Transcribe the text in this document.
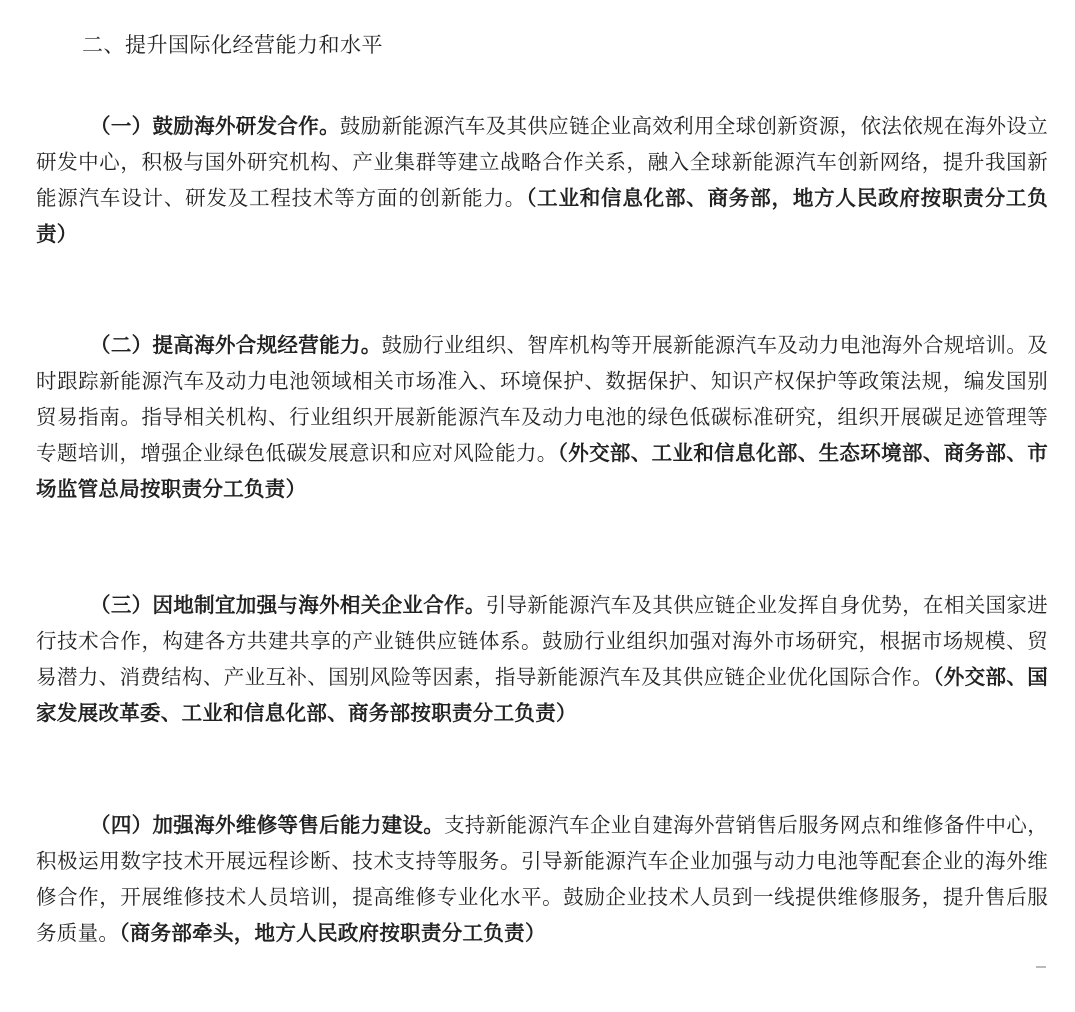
二、提升国际化经营能力和水平

（一）鼓励海外研发合作。鼓励新能源汽车及其供应链企业高效利用全球创新资源，依法依规在海外设立研发中心，积极与国外研究机构、产业集群等建立战略合作关系，融入全球新能源汽车创新网络，提升我国新能源汽车设计、研发及工程技术等方面的创新能力。（工业和信息化部、商务部，地方人民政府按职责分工负责）

（二）提高海外合规经营能力。鼓励行业组织、智库机构等开展新能源汽车及动力电池海外合规培训。及时跟踪新能源汽车及动力电池领域相关市场准入、环境保护、数据保护、知识产权保护等政策法规，编发国别贸易指南。指导相关机构、行业组织开展新能源汽车及动力电池的绿色低碳标准研究，组织开展碳足迹管理等专题培训，增强企业绿色低碳发展意识和应对风险能力。（外交部、工业和信息化部、生态环境部、商务部、市场监管总局按职责分工负责）

（三）因地制宜加强与海外相关企业合作。引导新能源汽车及其供应链企业发挥自身优势，在相关国家进行技术合作，构建各方共建共享的产业链供应链体系。鼓励行业组织加强对海外市场研究，根据市场规模、贸易潜力、消费结构、产业互补、国别风险等因素，指导新能源汽车及其供应链企业优化国际合作。（外交部、国家发展改革委、工业和信息化部、商务部按职责分工负责）

（四）加强海外维修等售后能力建设。支持新能源汽车企业自建海外营销售后服务网点和维修备件中心，积极运用数字技术开展远程诊断、技术支持等服务。引导新能源汽车企业加强与动力电池等配套企业的海外维修合作，开展维修技术人员培训，提高维修专业化水平。鼓励企业技术人员到一线提供维修服务，提升售后服务质量。（商务部牵头，地方人民政府按职责分工负责）
